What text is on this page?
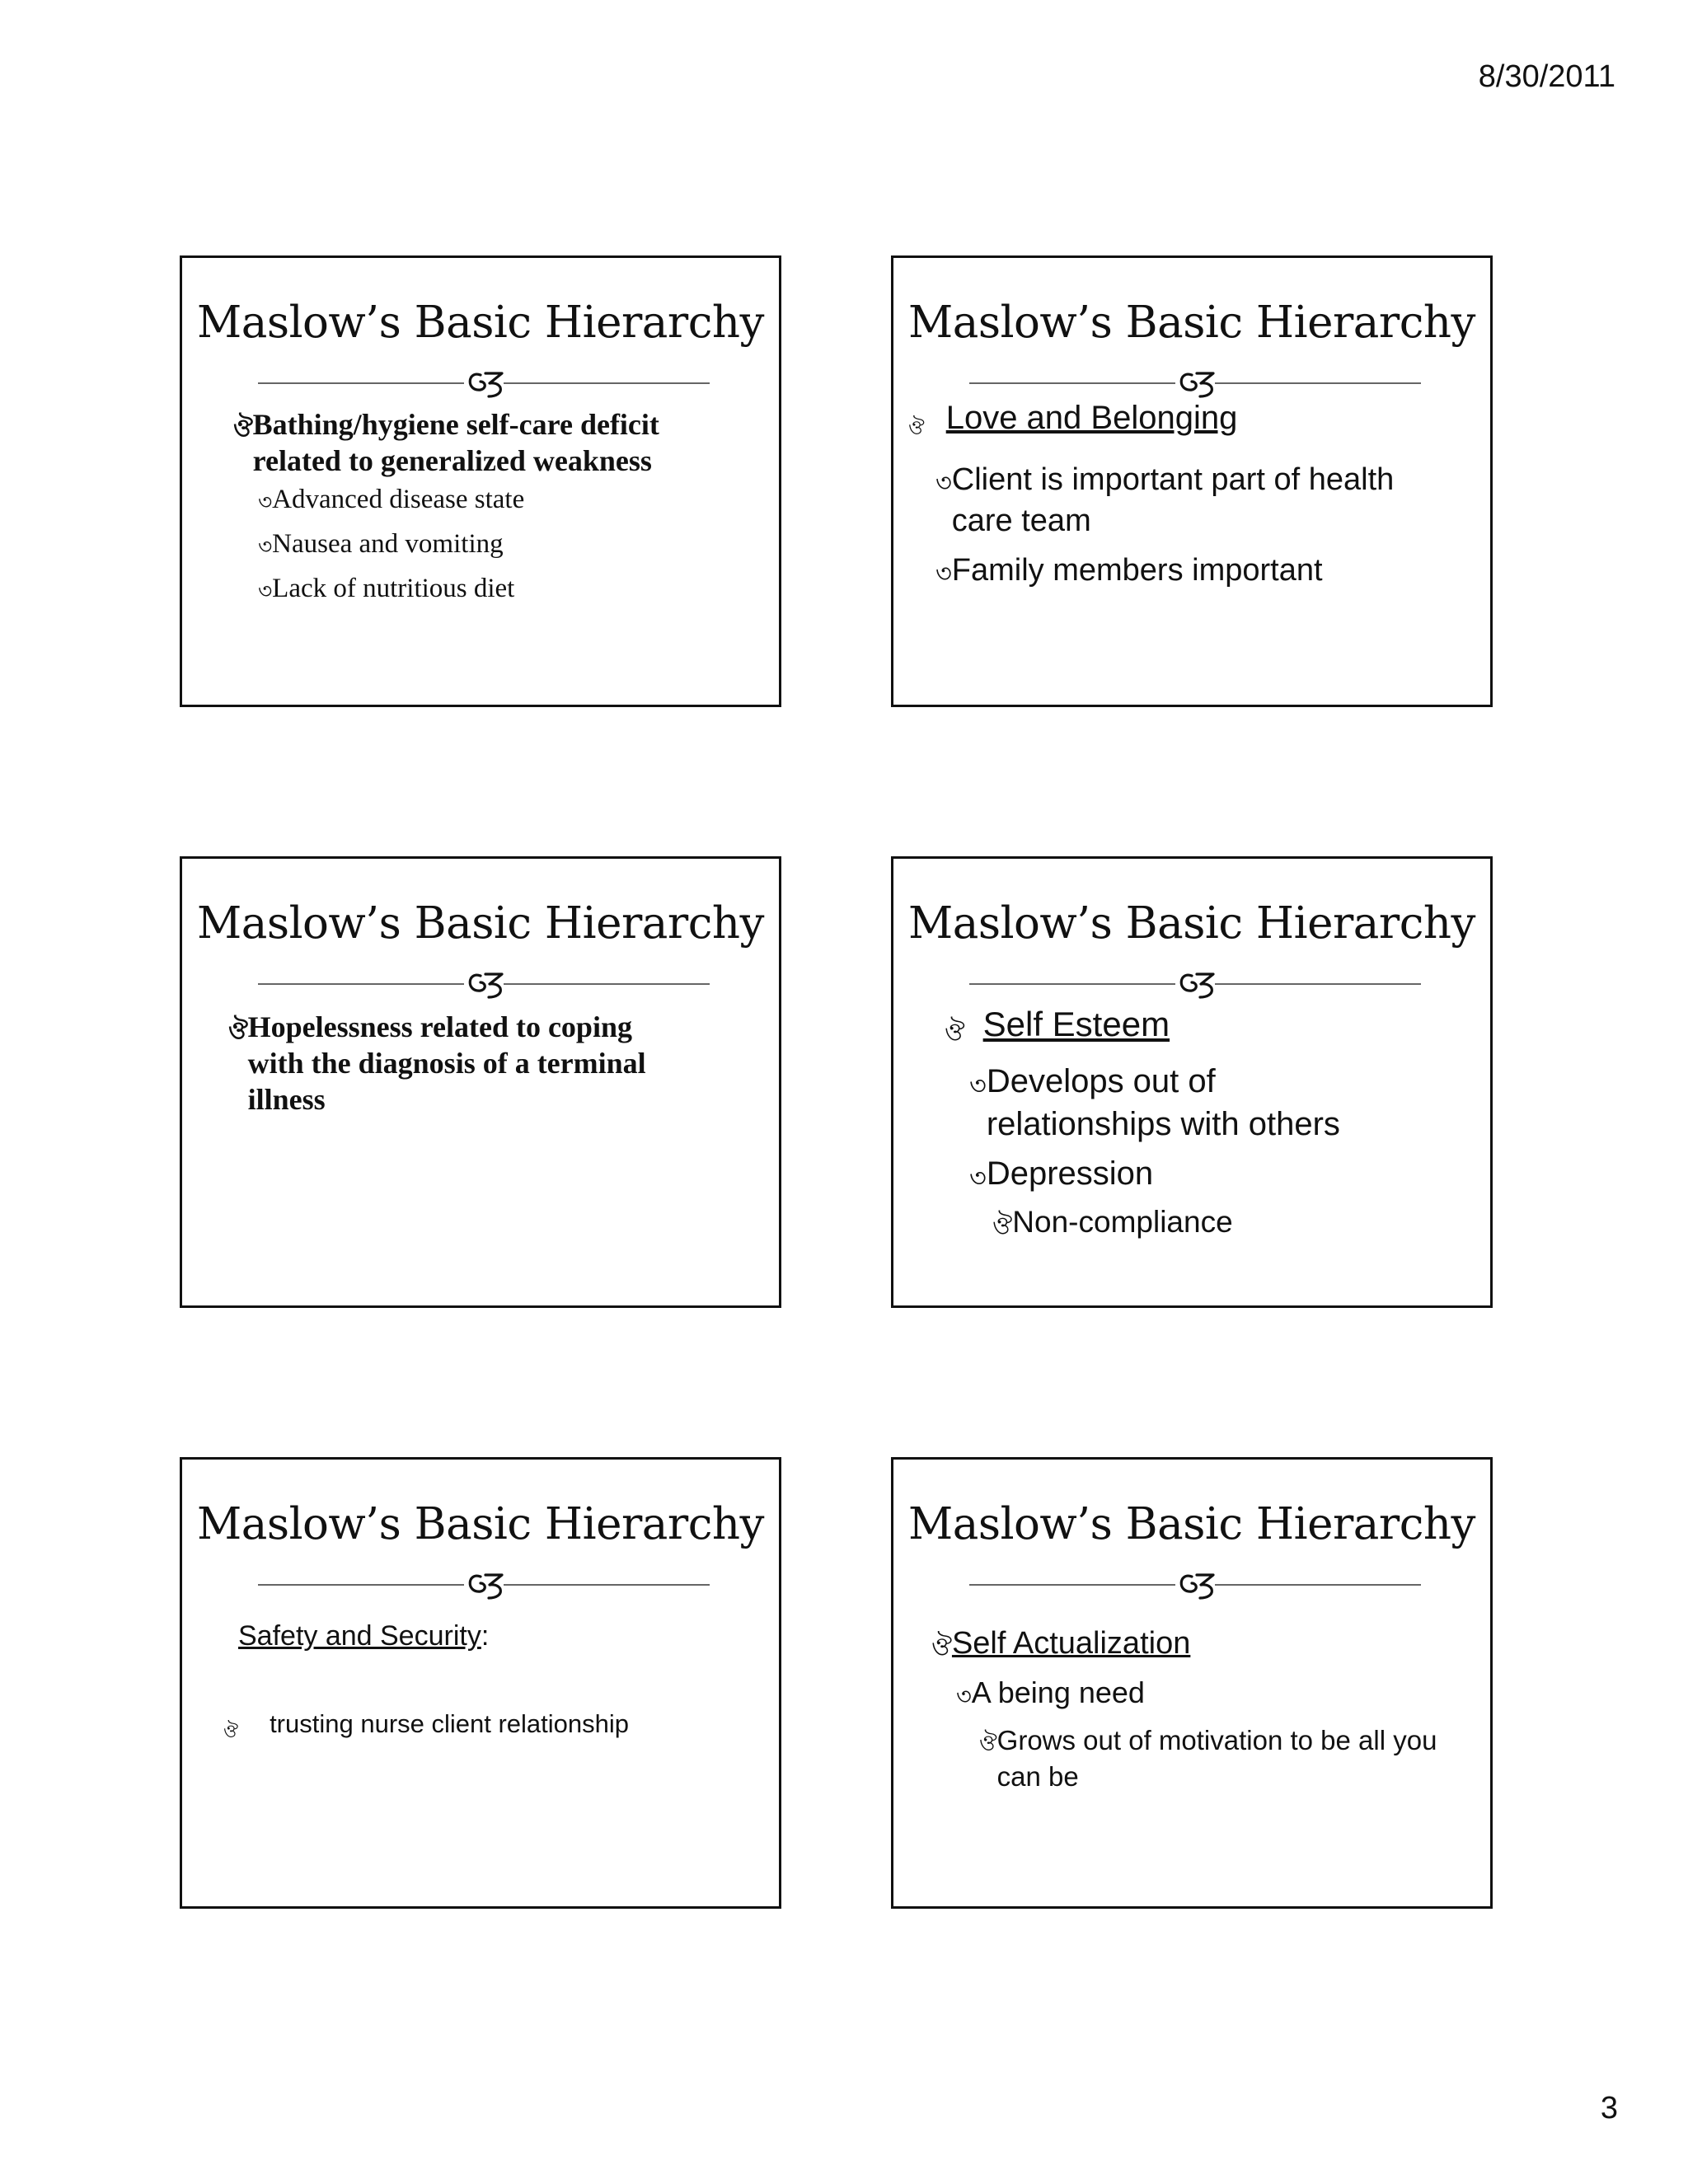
8/30/2011
Maslow’s Basic Hierarchy
ঔ Bathing/hygiene self-care deficit related to generalized weakness
৩ Advanced disease state
৩ Nausea and vomiting
৩ Lack of nutritious diet
Maslow’s Basic Hierarchy
ঔ Love and Belonging
৩ Client is important part of health care team
৩ Family members important
Maslow’s Basic Hierarchy
ঔ Hopelessness related to coping with the diagnosis of a terminal illness
Maslow’s Basic Hierarchy
ঔ Self Esteem
৩ Develops out of relationships with others
৩ Depression
ঔ Non-compliance
Maslow’s Basic Hierarchy
Safety and Security:
ঔ trusting nurse client relationship
Maslow’s Basic Hierarchy
ঔ Self Actualization
৩ A being need
ঔ Grows out of motivation to be all you can be
3
